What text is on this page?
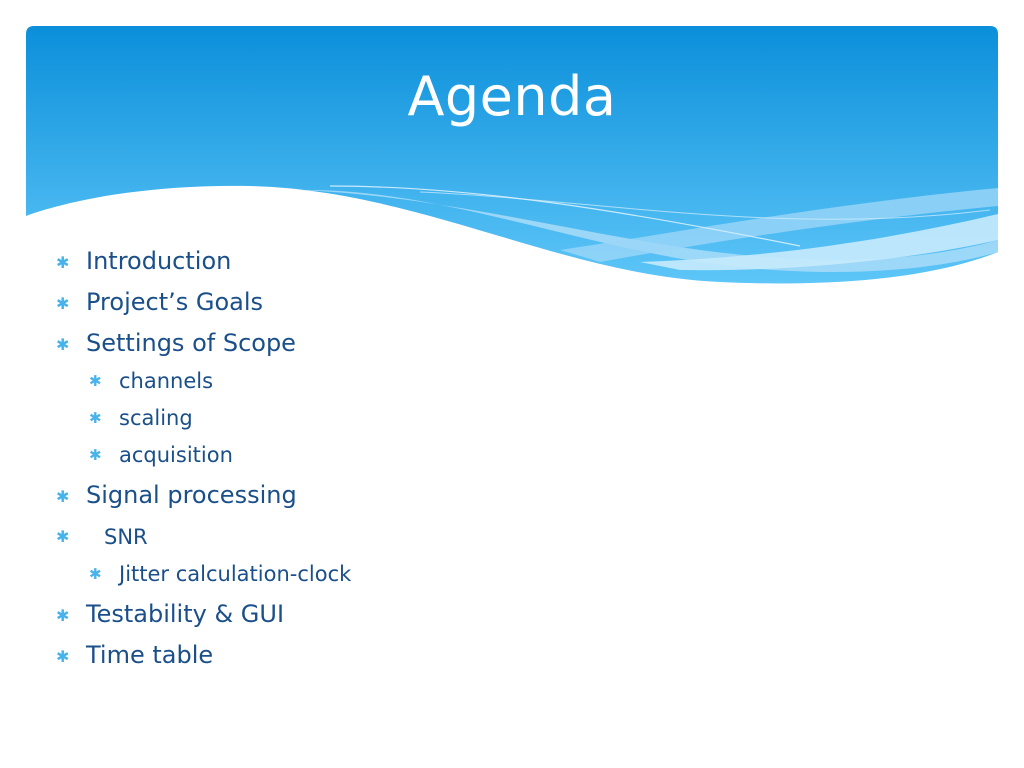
Agenda
✱ Introduction
✱ Project’s Goals
✱ Settings of Scope
✱ channels
✱ scaling
✱ acquisition
✱ Signal processing
✱ SNR
✱ Jitter calculation-clock
✱ Testability & GUI
✱ Time table
